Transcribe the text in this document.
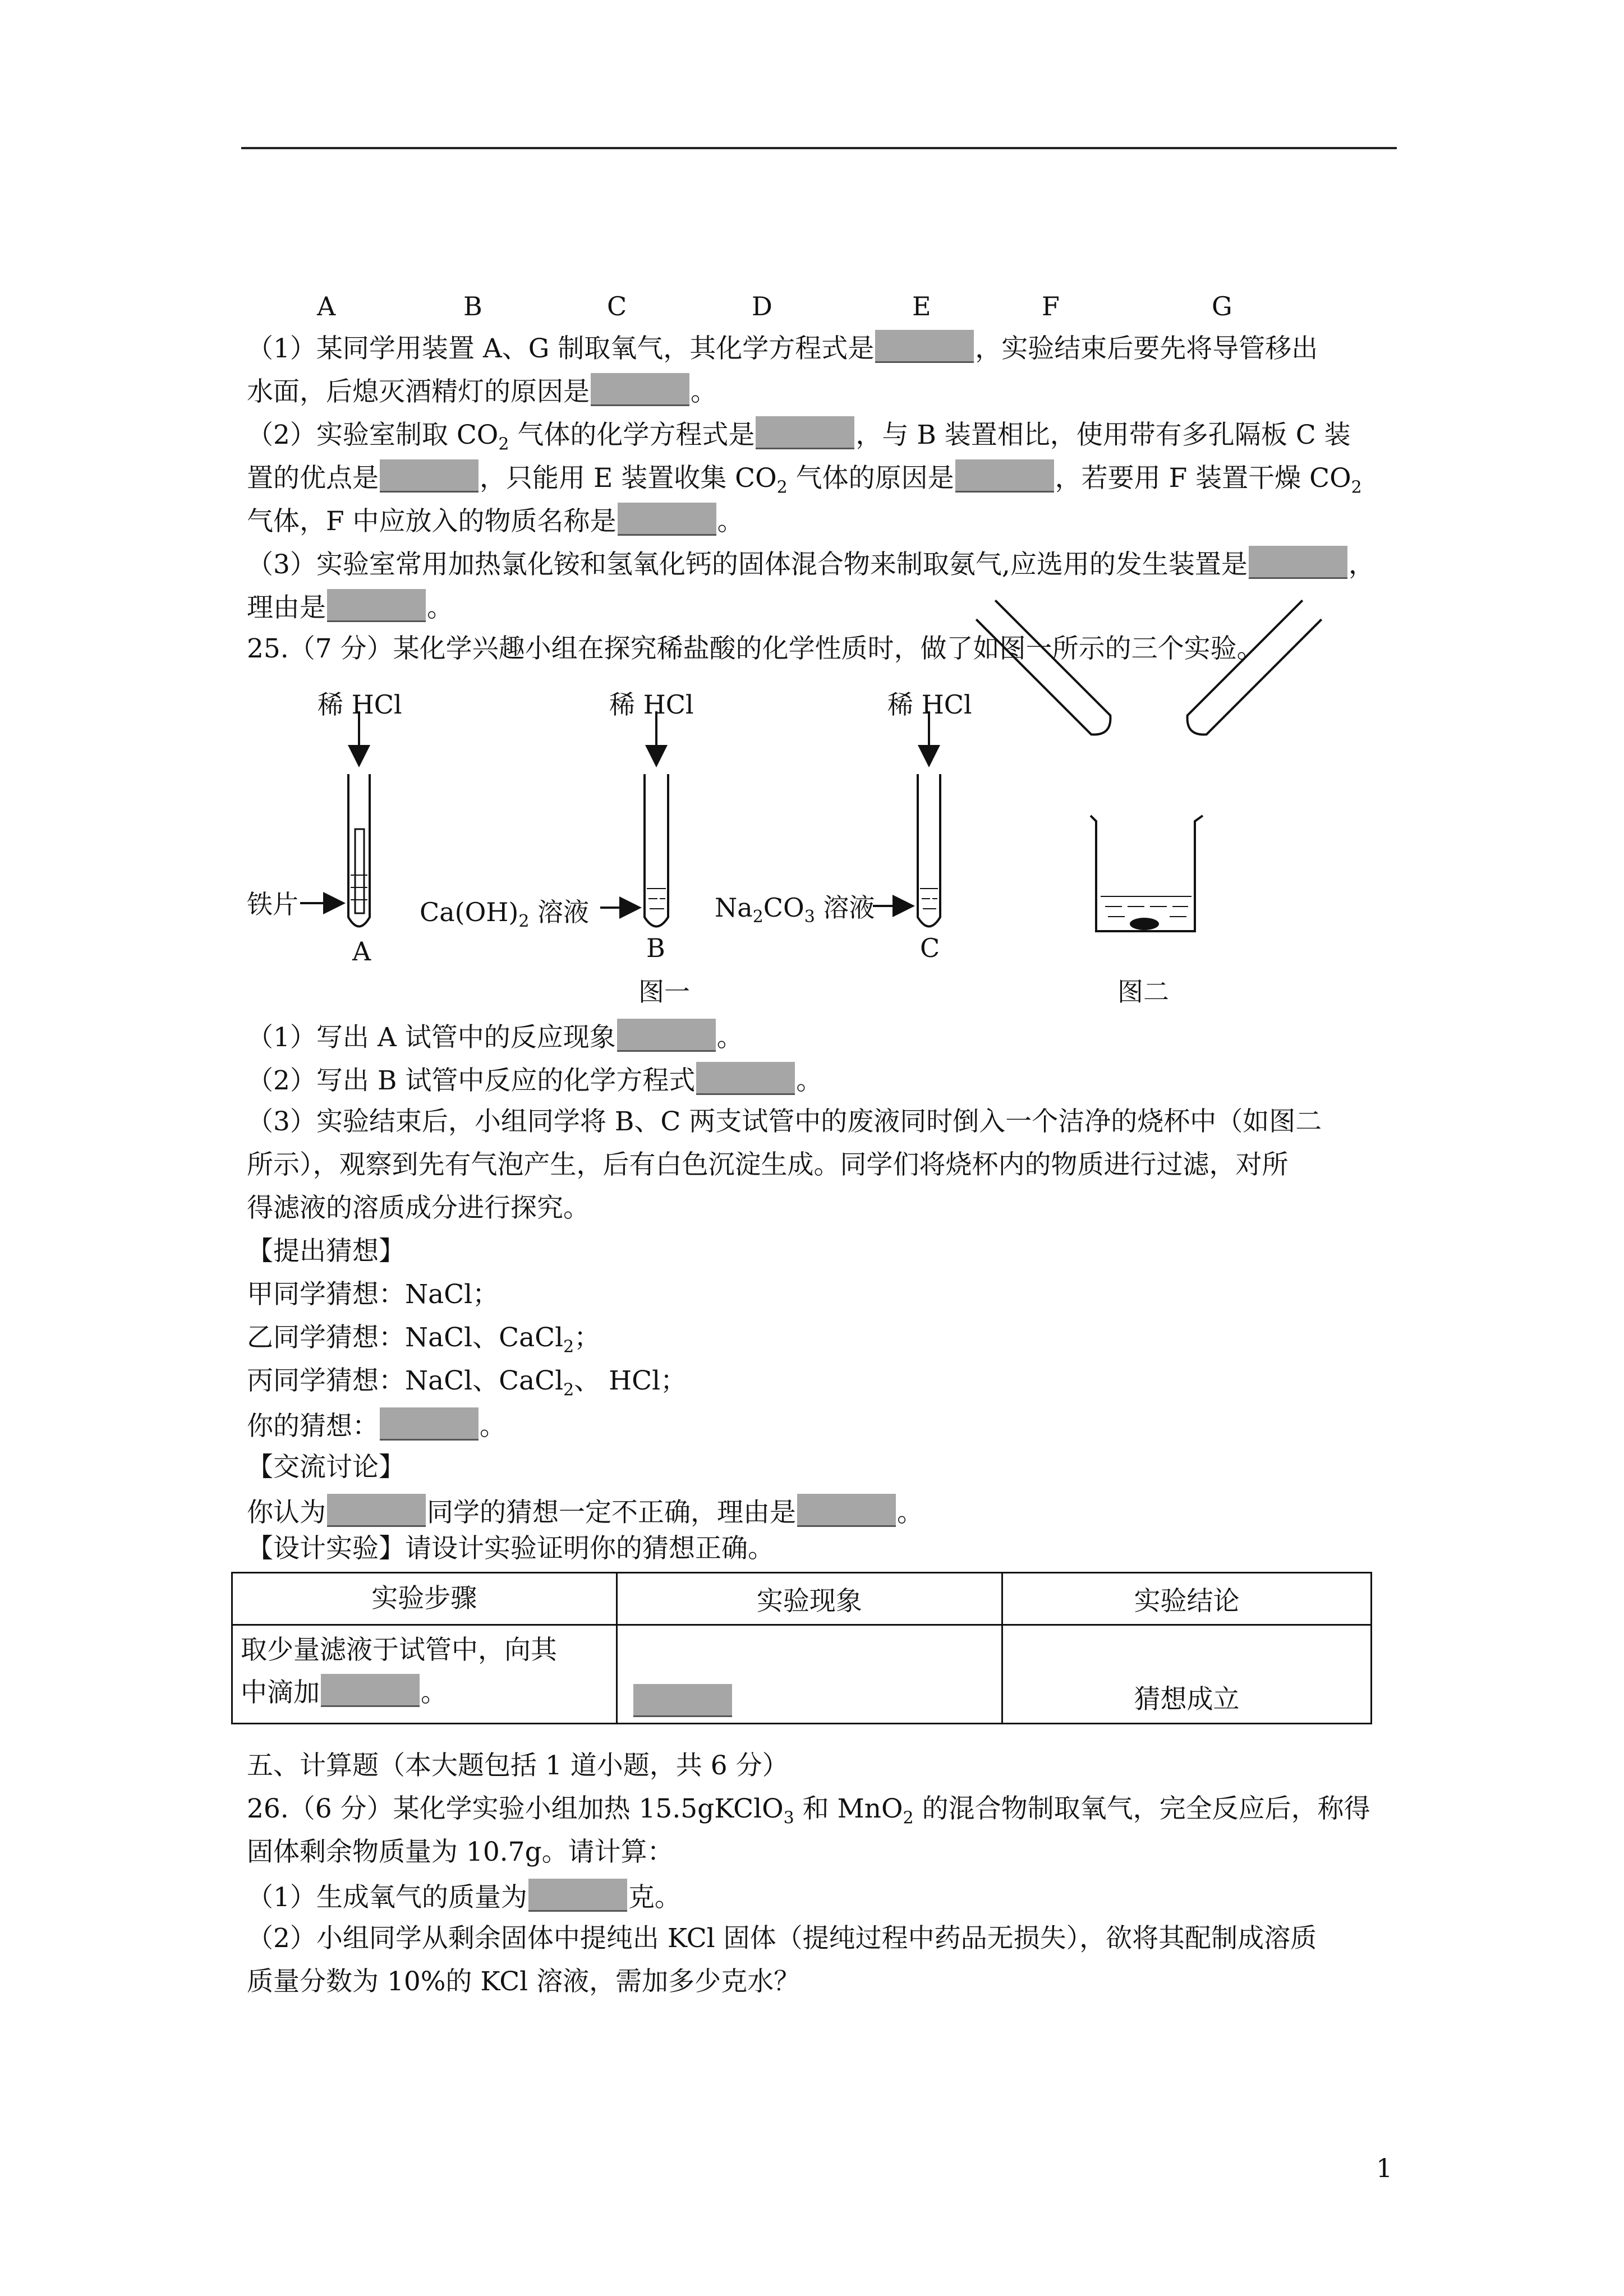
A	B	C	D	E	F	G
（1）某同学用装置 A、G 制取氧气，其化学方程式是	，实验结束后要先将导管移出
水面，后熄灭酒精灯的原因是	。
（2）实验室制取 $CO_2$ 气体的化学方程式是	，与 B 装置相比，使用带有多孔隔板 C 装
置的优点是	，只能用 E 装置收集 $CO_2$ 气体的原因是	，若要用 F 装置干燥 $CO_2$
气体，F 中应放入的物质名称是	。
（3）实验室常用加热氯化铵和氢氧化钙的固体混合物来制取氨气,应选用的发生装置是	，
理由是	。
25.（7 分）某化学兴趣小组在探究稀盐酸的化学性质时，做了如图一所示的三个实验。
稀 HCl	稀 HCl	稀 HCl
铁片	$Ca(OH)_2$ 溶液	$Na_2CO_3$ 溶液
A	B	C
图一	图二
（1）写出 A 试管中的反应现象	。
（2）写出 B 试管中反应的化学方程式	。
（3）实验结束后，小组同学将 B、C 两支试管中的废液同时倒入一个洁净的烧杯中（如图二
所示），观察到先有气泡产生，后有白色沉淀生成。同学们将烧杯内的物质进行过滤，对所
得滤液的溶质成分进行探究。
【提出猜想】
甲同学猜想：NaCl；
乙同学猜想：NaCl、CaCl$_2$；
丙同学猜想：NaCl、CaCl$_2$、 HCl；
你的猜想：	。
【交流讨论】
你认为	同学的猜想一定不正确，理由是	。
【设计实验】请设计实验证明你的猜想正确。
实验步骤	实验现象	实验结论

取少量滤液于试管中，向其
中滴加 。		猜想成立
五、计算题（本大题包括 1 道小题，共 6 分）
26.（6 分）某化学实验小组加热 15.5gKClO$_3$ 和 MnO$_2$ 的混合物制取氧气，完全反应后，称得
固体剩余物质量为 10.7g。请计算：
（1）生成氧气的质量为	克。
（2）小组同学从剩余固体中提纯出 KCl 固体（提纯过程中药品无损失），欲将其配制成溶质
质量分数为 10%的 KCl 溶液，需加多少克水？
1
